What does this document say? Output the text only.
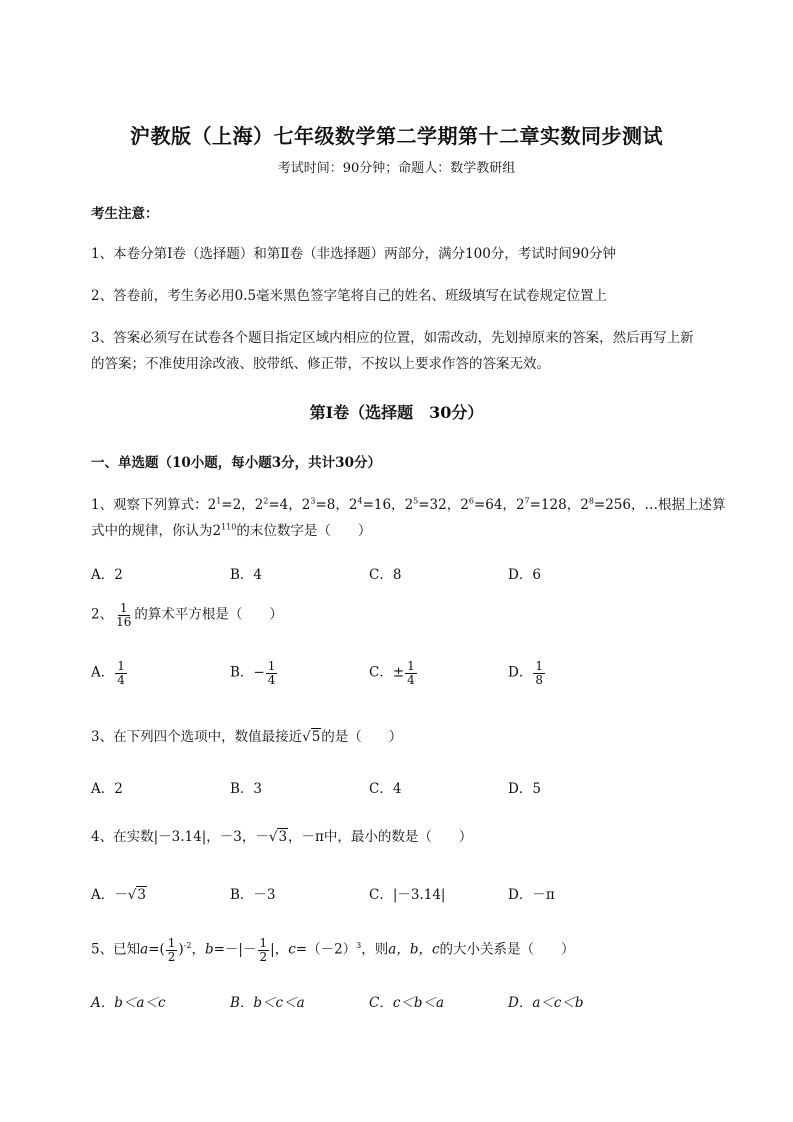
沪教版（上海）七年级数学第二学期第十二章实数同步测试
考试时间：90分钟；命题人：数学教研组
考生注意：
1、本卷分第Ⅰ卷（选择题）和第Ⅱ卷（非选择题）两部分，满分100分，考试时间90分钟
2、答卷前，考生务必用0.5毫米黑色签字笔将自己的姓名、班级填写在试卷规定位置上
3、答案必须写在试卷各个题目指定区域内相应的位置，如需改动，先划掉原来的答案，然后再写上新
的答案；不准使用涂改液、胶带纸、修正带，不按以上要求作答的答案无效。
第Ⅰ卷（选择题　30分）
一、单选题（10小题，每小题3分，共计30分）
1、观察下列算式：$2^1=2$，$2^2=4$，$2^3=8$，$2^4=16$，$2^5=32$，$2^6=64$，$2^7=128$，$2^8=256$，…根据上述算
式中的规律，你认为$2^{110}$的末位数字是（　　）
A．2	B．4	C．8	D．6
2、 $\frac{1}{16}$ 的算术平方根是（　　）
A． $\frac{1}{4}$	B．− $\frac{1}{4}$	C．± $\frac{1}{4}$	D． $\frac{1}{8}$
3、在下列四个选项中，数值最接近√5的是（　　）
A．2	B．3	C．4	D．5
4、在实数|－3.14|，－3，－√3，－π中，最小的数是（　　）
A．－√3	B．－3	C．|－3.14|	D．－π
5、已知$a=( \frac{1}{2} )^{-2}$，$b=-|- \frac{1}{2}$ |，$c=(-2)^3$，则a，b，c的大小关系是（　　）
A．b＜a＜c	B．b＜c＜a	C．c＜b＜a	D．a＜c＜b
